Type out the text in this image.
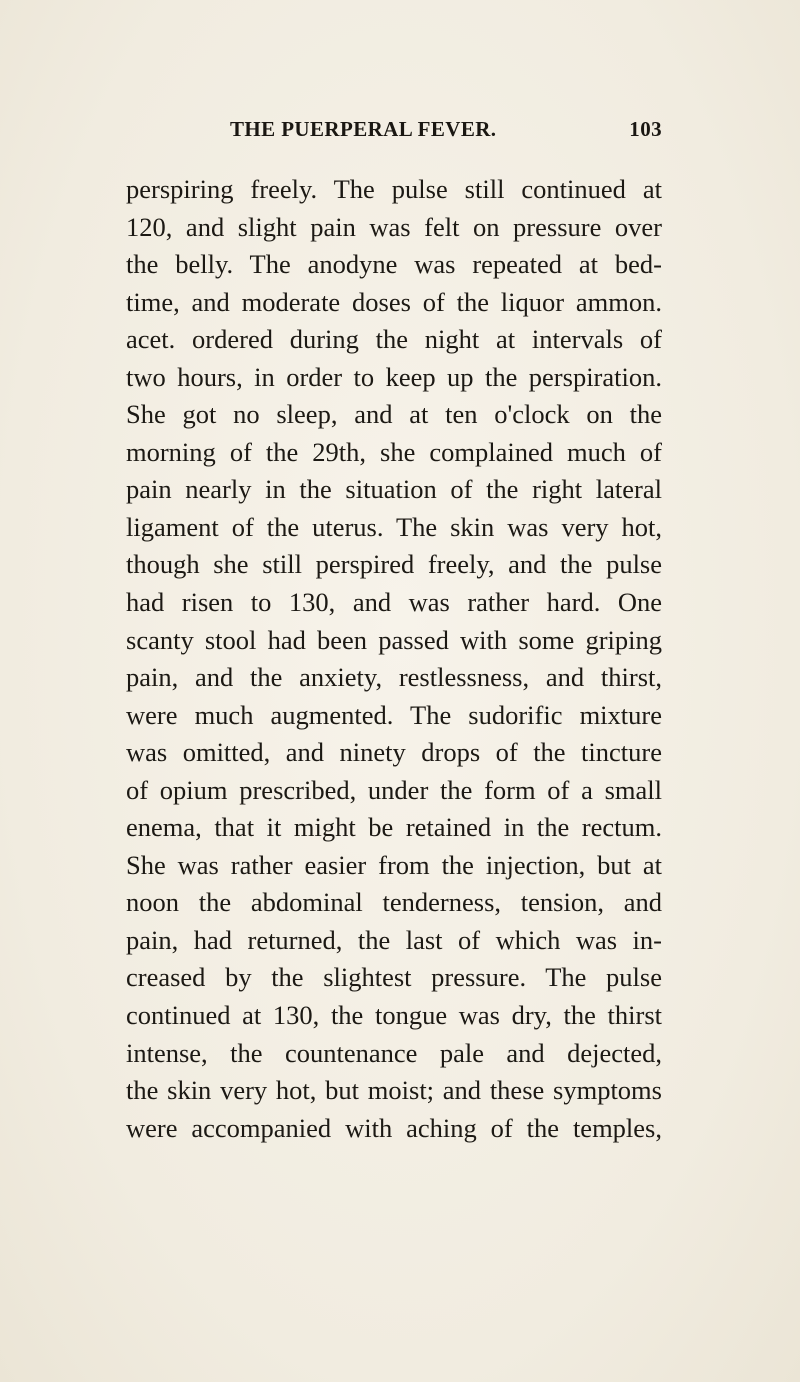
THE PUERPERAL FEVER.	103
perspiring freely. The pulse still continued at
120, and slight pain was felt on pressure over
the belly. The anodyne was repeated at bed-
time, and moderate doses of the liquor ammon.
acet. ordered during the night at intervals of
two hours, in order to keep up the perspiration.
She got no sleep, and at ten o'clock on the
morning of the 29th, she complained much of
pain nearly in the situation of the right lateral
ligament of the uterus. The skin was very hot,
though she still perspired freely, and the pulse
had risen to 130, and was rather hard. One
scanty stool had been passed with some griping
pain, and the anxiety, restlessness, and thirst,
were much augmented. The sudorific mixture
was omitted, and ninety drops of the tincture
of opium prescribed, under the form of a small
enema, that it might be retained in the rectum.
She was rather easier from the injection, but at
noon the abdominal tenderness, tension, and
pain, had returned, the last of which was in-
creased by the slightest pressure. The pulse
continued at 130, the tongue was dry, the thirst
intense, the countenance pale and dejected,
the skin very hot, but moist; and these symptoms
were accompanied with aching of the temples,
